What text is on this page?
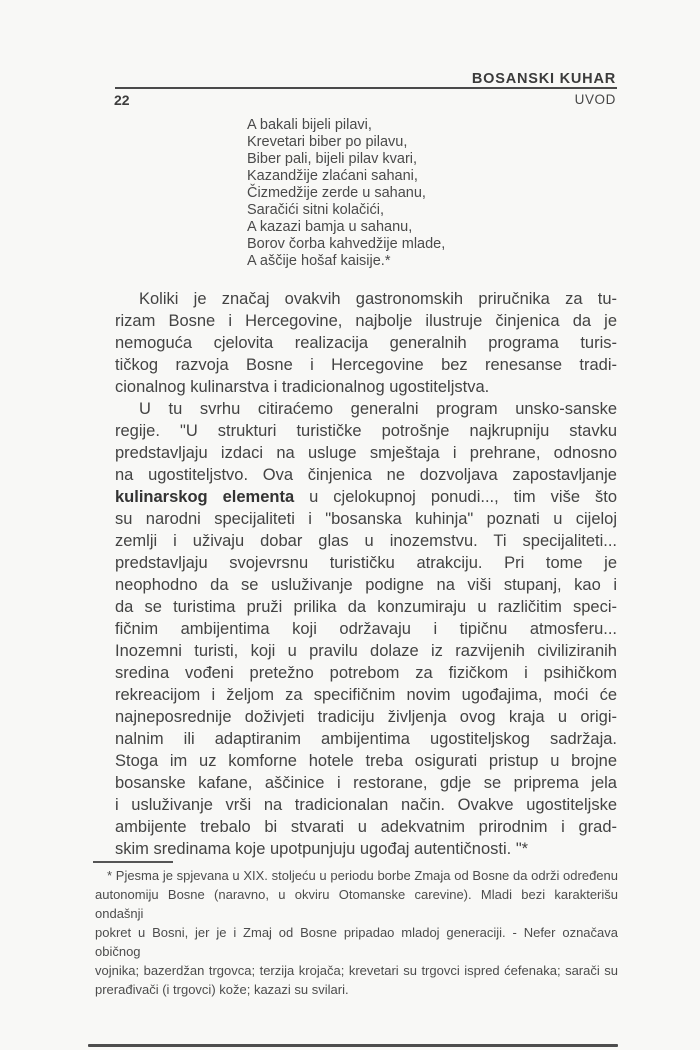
BOSANSKI KUHAR
22	UVOD
A bakali bijeli pilavi,
Krevetari biber po pilavu,
Biber pali, bijeli pilav kvari,
Kazandžije zlaćani sahani,
Čizmedžije zerde u sahanu,
Saračići sitni kolačići,
A kazazi bamja u sahanu,
Borov čorba kahvedžije mlade,
A aščije hošaf kaisije.*
Koliki je značaj ovakvih gastronomskih priručnika za tu-
rizam Bosne i Hercegovine, najbolje ilustruje činjenica da je
nemoguća cjelovita realizacija generalnih programa turis-
tičkog razvoja Bosne i Hercegovine bez renesanse tradi-
cionalnog kulinarstva i tradicionalnog ugostiteljstva.
U tu svrhu citiraćemo generalni program unsko-sanske
regije. "U strukturi turističke potrošnje najkrupniju stavku
predstavljaju izdaci na usluge smještaja i prehrane, odnosno
na ugostiteljstvo. Ova činjenica ne dozvoljava zapostavljanje
kulinarskog elementa u cjelokupnoj ponudi..., tim više što
su narodni specijaliteti i "bosanska kuhinja" poznati u cijeloj
zemlji i uživaju dobar glas u inozemstvu. Ti specijaliteti...
predstavljaju svojevrsnu turističku atrakciju. Pri tome je
neophodno da se usluživanje podigne na viši stupanj, kao i
da se turistima pruži prilika da konzumiraju u različitim speci-
fičnim ambijentima koji održavaju i tipičnu atmosferu...
Inozemni turisti, koji u pravilu dolaze iz razvijenih civiliziranih
sredina vođeni pretežno potrebom za fizičkom i psihičkom
rekreacijom i željom za specifičnim novim ugođajima, moći će
najneposrednije doživjeti tradiciju življenja ovog kraja u origi-
nalnim ili adaptiranim ambijentima ugostiteljskog sadržaja.
Stoga im uz komforne hotele treba osigurati pristup u brojne
bosanske kafane, aščinice i restorane, gdje se priprema jela
i usluživanje vrši na tradicionalan način. Ovakve ugostiteljske
ambijente trebalo bi stvarati u adekvatnim prirodnim i grad-
skim sredinama koje upotpunjuju ugođaj autentičnosti. "*
* Pjesma je spjevana u XIX. stoljeću u periodu borbe Zmaja od Bosne da održi određenu
autonomiju Bosne (naravno, u okviru Otomanske carevine). Mladi bezi karakterišu ondašnji
pokret u Bosni, jer je i Zmaj od Bosne pripadao mladoj generaciji. - Nefer označava običnog
vojnika; bazerdžan trgovca; terzija krojača; krevetari su trgovci ispred ćefenaka; sarači su
prerađivači (i trgovci) kože; kazazi su svilari.
